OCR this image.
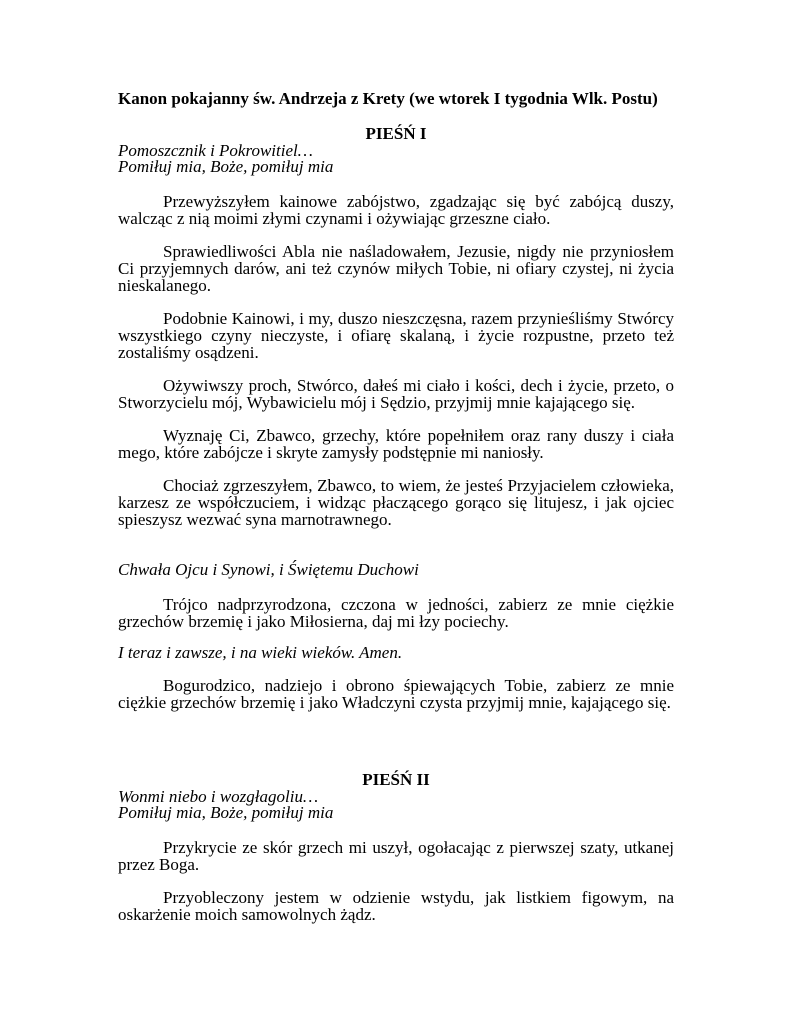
Kanon pokajanny św. Andrzeja z Krety (we wtorek I tygodnia Wlk. Postu)

PIEŚŃ I

Pomoszcznik i Pokrowitiel…

Pomiłuj mia, Boże, pomiłuj mia

Przewyższyłem kainowe zabójstwo, zgadzając się być zabójcą duszy, walcząc z nią moimi złymi czynami i ożywiając grzeszne ciało.

Sprawiedliwości Abla nie naśladowałem, Jezusie, nigdy nie przyniosłem Ci przyjemnych darów, ani też czynów miłych Tobie, ni ofiary czystej, ni życia nieskalanego.

Podobnie Kainowi, i my, duszo nieszczęsna, razem przynieśliśmy Stwórcy wszystkiego czyny nieczyste, i ofiarę skalaną, i życie rozpustne, przeto też zostaliśmy osądzeni.

Ożywiwszy proch, Stwórco, dałeś mi ciało i kości, dech i życie, przeto, o Stworzycielu mój, Wybawicielu mój i Sędzio, przyjmij mnie kajającego się.

Wyznaję Ci, Zbawco, grzechy, które popełniłem oraz rany duszy i ciała mego, które zabójcze i skryte zamysły podstępnie mi naniosły.

Chociaż zgrzeszyłem, Zbawco, to wiem, że jesteś Przyjacielem człowieka, karzesz ze współczuciem, i widząc płaczącego gorąco się litujesz, i jak ojciec spieszysz wezwać syna marnotrawnego.

Chwała Ojcu i Synowi, i Świętemu Duchowi

Trójco nadprzyrodzona, czczona w jedności, zabierz ze mnie ciężkie grzechów brzemię i jako Miłosierna, daj mi łzy pociechy.

I teraz i zawsze, i na wieki wieków. Amen.

Bogurodzico, nadziejo i obrono śpiewających Tobie, zabierz ze mnie ciężkie grzechów brzemię i jako Władczyni czysta przyjmij mnie, kajającego się.

PIEŚŃ II

Wonmi niebo i wozgłagoliu…

Pomiłuj mia, Boże, pomiłuj mia

Przykrycie ze skór grzech mi uszył, ogołacając z pierwszej szaty, utkanej przez Boga.

Przyobleczony jestem w odzienie wstydu, jak listkiem figowym, na oskarżenie moich samowolnych żądz.
